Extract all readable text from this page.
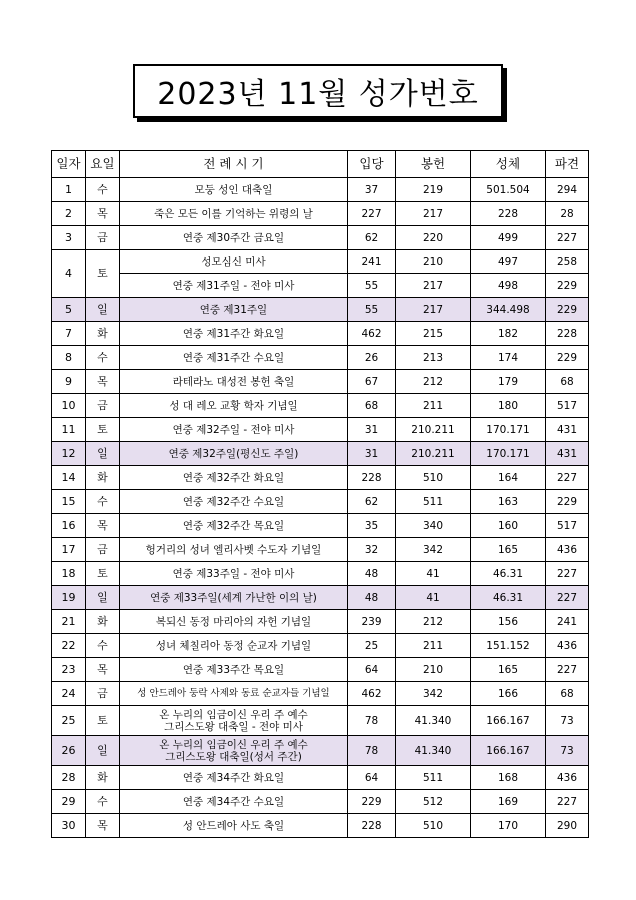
2023년 11월 성가번호
일자	요일	전 례 시 기	입당	봉헌	성체	파견
1	수	모둥 성인 대축일	37	219	501.504	294
2	목	죽은 모든 이를 기억하는 위령의 날	227	217	228	28
3	금	연중 제30주간 금요일	62	220	499	227
4	토	성모심신 미사	241	210	497	258
		연중 제31주일 - 전야 미사	55	217	498	229
5	일	연중 제31주일	55	217	344.498	229
7	화	연중 제31주간 화요일	462	215	182	228
8	수	연중 제31주간 수요일	26	213	174	229
9	목	라테라노 대성전 봉헌 축일	67	212	179	68
10	금	성 대 레오 교황 학자 기념일	68	211	180	517
11	토	연중 제32주일 - 전야 미사	31	210.211	170.171	431
12	일	연중 제32주일(평신도 주일)	31	210.211	170.171	431
14	화	연중 제32주간 화요일	228	510	164	227
15	수	연중 제32주간 수요일	62	511	163	229
16	목	연중 제32주간 목요일	35	340	160	517
17	금	헝거리의 성녀 엘리사벳 수도자 기념일	32	342	165	436
18	토	연중 제33주일 - 전야 미사	48	41	46.31	227
19	일	연중 제33주일(세계 가난한 이의 날)	48	41	46.31	227
21	화	복되신 동정 마리아의 자헌 기념일	239	212	156	241
22	수	성녀 체칠리아 동정 순교자 기념일	25	211	151.152	436
23	목	연중 제33주간 목요일	64	210	165	227
24	금	성 안드레아 둥락 사제와 동료 순교자들 기념일	462	342	166	68
25	토	온 누리의 임금이신 우리 주 예수
그리스도왕 대축일 - 전야 미사	78	41.340	166.167	73
26	일	온 누리의 임금이신 우리 주 예수
그리스도왕 대축일(성서 주간)	78	41.340	166.167	73
28	화	연중 제34주간 화요일	64	511	168	436
29	수	연중 제34주간 수요일	229	512	169	227
30	목	성 안드레아 사도 축일	228	510	170	290
